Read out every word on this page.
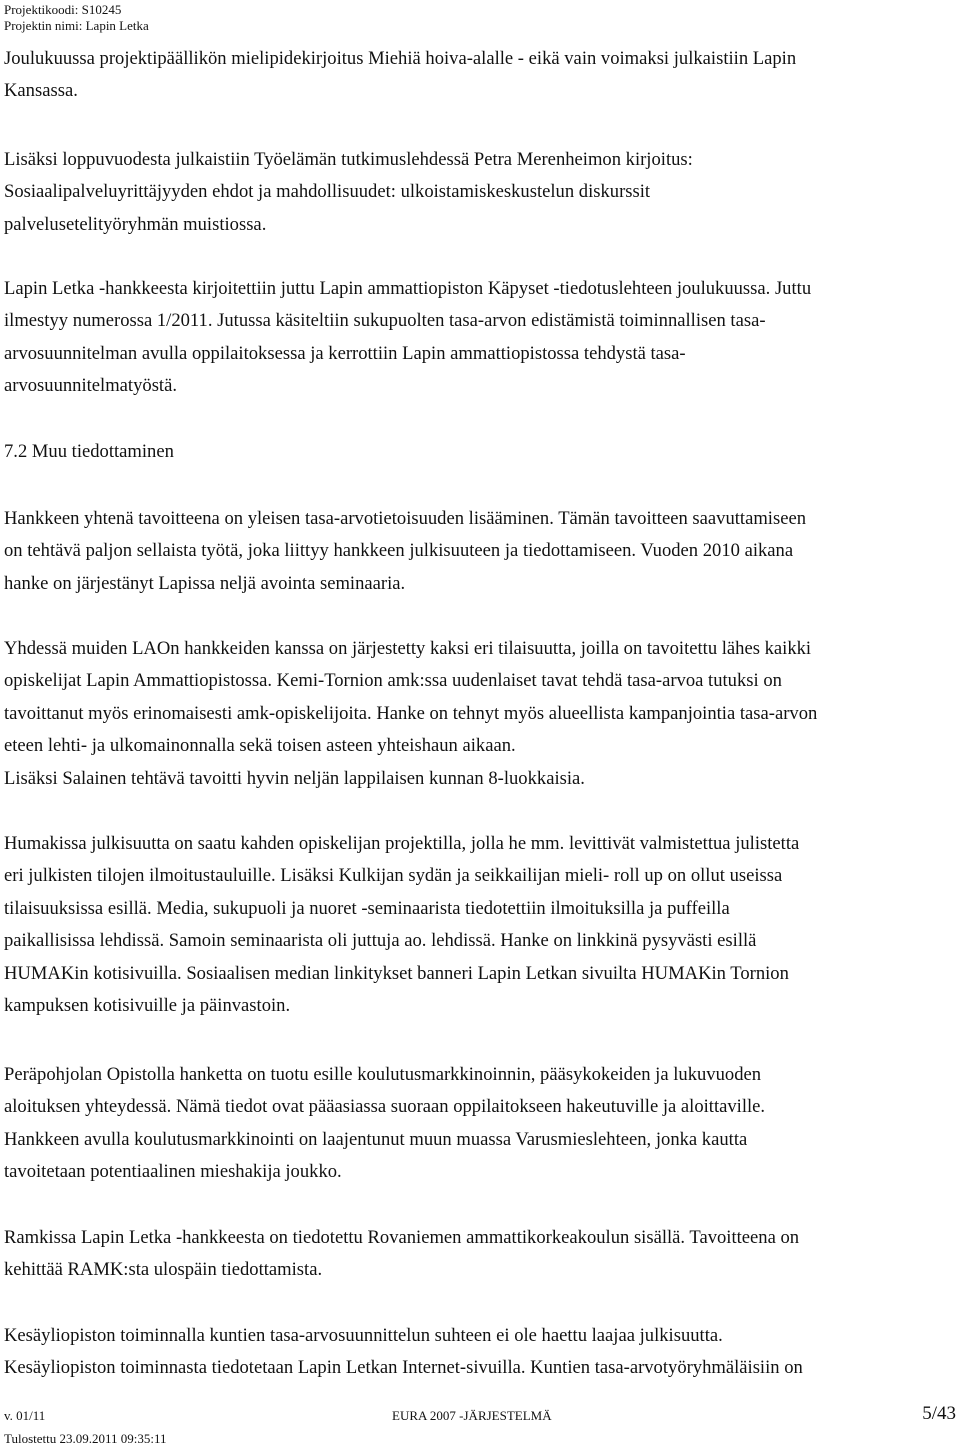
Projektikoodi: S10245
Projektin nimi: Lapin Letka
Joulukuussa projektipäällikön mielipidekirjoitus Miehiä hoiva-alalle - eikä vain voimaksi julkaistiin Lapin
Kansassa.
Lisäksi loppuvuodesta julkaistiin Työelämän tutkimuslehdessä Petra Merenheimon kirjoitus:
Sosiaalipalveluyrittäjyyden ehdot ja mahdollisuudet: ulkoistamiskeskustelun diskurssit
palvelusetelityöryhmän muistiossa.
Lapin Letka -hankkeesta kirjoitettiin juttu Lapin ammattiopiston Käpyset -tiedotuslehteen joulukuussa. Juttu
ilmestyy numerossa 1/2011. Jutussa käsiteltiin sukupuolten tasa-arvon edistämistä toiminnallisen tasa-
arvosuunnitelman avulla oppilaitoksessa ja kerrottiin Lapin ammattiopistossa tehdystä tasa-
arvosuunnitelmatyöstä.
7.2 Muu tiedottaminen
Hankkeen yhtenä tavoitteena on yleisen tasa-arvotietoisuuden lisääminen. Tämän tavoitteen saavuttamiseen
on tehtävä paljon sellaista työtä, joka liittyy hankkeen julkisuuteen ja tiedottamiseen. Vuoden 2010 aikana
hanke on järjestänyt Lapissa neljä avointa seminaaria.
Yhdessä muiden LAOn hankkeiden kanssa on järjestetty kaksi eri tilaisuutta, joilla on tavoitettu lähes kaikki
opiskelijat Lapin Ammattiopistossa. Kemi-Tornion amk:ssa uudenlaiset tavat tehdä tasa-arvoa tutuksi on
tavoittanut myös erinomaisesti amk-opiskelijoita. Hanke on tehnyt myös alueellista kampanjointia tasa-arvon
eteen lehti- ja ulkomainonnalla sekä toisen asteen yhteishaun aikaan.
Lisäksi Salainen tehtävä tavoitti hyvin neljän lappilaisen kunnan 8-luokkaisia.
Humakissa julkisuutta on saatu kahden opiskelijan projektilla, jolla he mm. levittivät valmistettua julistetta
eri julkisten tilojen ilmoitustauluille. Lisäksi Kulkijan sydän ja seikkailijan mieli- roll up on ollut useissa
tilaisuuksissa esillä. Media, sukupuoli ja nuoret -seminaarista tiedotettiin ilmoituksilla ja puffeilla
paikallisissa lehdissä. Samoin seminaarista oli juttuja ao. lehdissä. Hanke on linkkinä pysyvästi esillä
HUMAKin kotisivuilla. Sosiaalisen median linkitykset banneri Lapin Letkan sivuilta HUMAKin Tornion
kampuksen kotisivuille ja päinvastoin.
Peräpohjolan Opistolla hanketta on tuotu esille koulutusmarkkinoinnin, pääsykokeiden ja lukuvuoden
aloituksen yhteydessä. Nämä tiedot ovat pääasiassa suoraan oppilaitokseen hakeutuville ja aloittaville.
Hankkeen avulla koulutusmarkkinointi on laajentunut muun muassa Varusmieslehteen, jonka kautta
tavoitetaan potentiaalinen mieshakija joukko.
Ramkissa Lapin Letka -hankkeesta on tiedotettu Rovaniemen ammattikorkeakoulun sisällä. Tavoitteena on
kehittää RAMK:sta ulospäin tiedottamista.
Kesäyliopiston toiminnalla kuntien tasa-arvosuunnittelun suhteen ei ole haettu laajaa julkisuutta.
Kesäyliopiston toiminnasta tiedotetaan Lapin Letkan Internet-sivuilla. Kuntien tasa-arvotyöryhmäläisiin on
v. 01/11
Tulostettu 23.09.2011 09:35:11
EURA 2007 -JÄRJESTELMÄ	5/43
